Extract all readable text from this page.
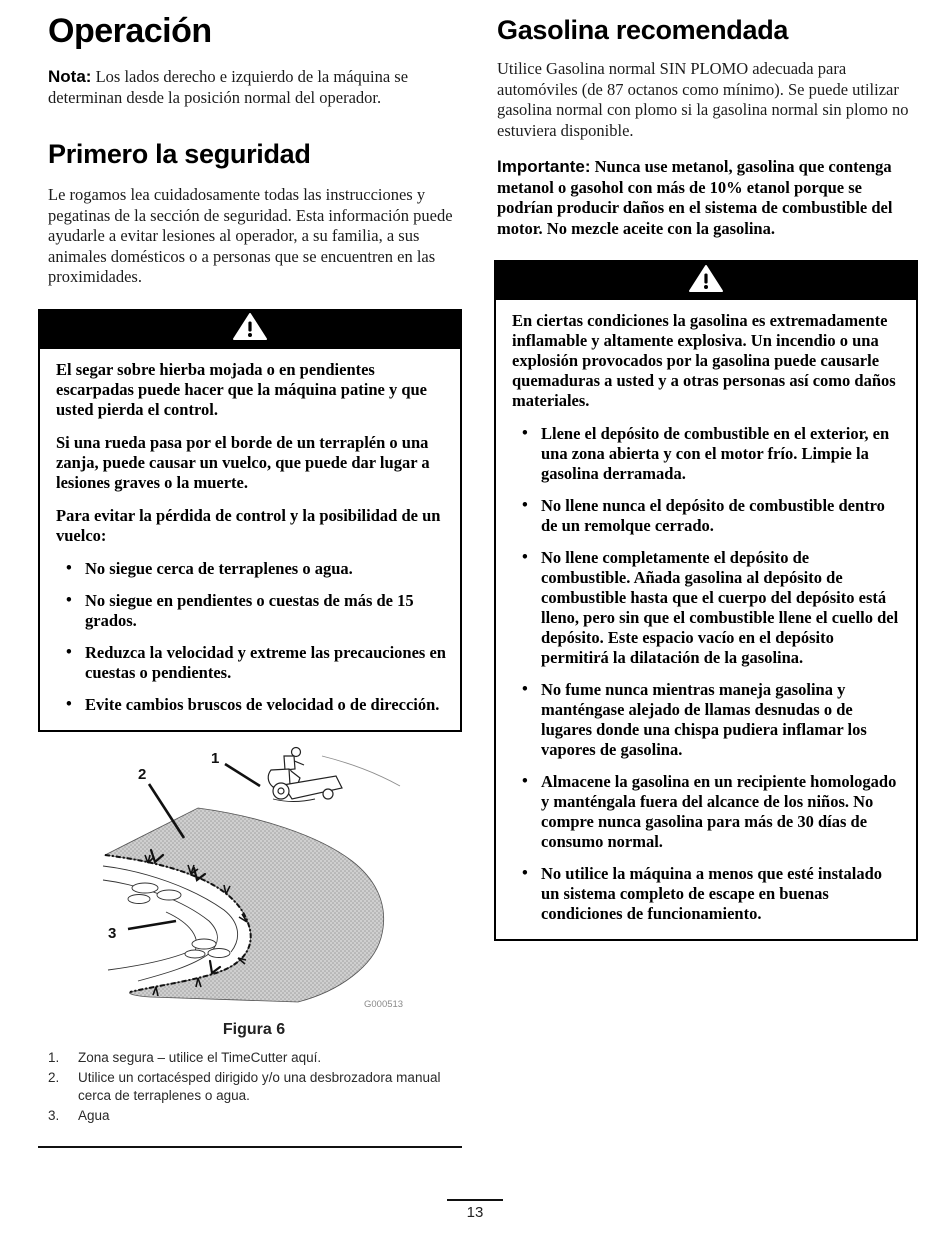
Operación

Nota: Los lados derecho e izquierdo de la máquina se determinan desde la posición normal del operador.

Primero la seguridad

Le rogamos lea cuidadosamente todas las instrucciones y pegatinas de la sección de seguridad. Esta información puede ayudarle a evitar lesiones al operador, a su familia, a sus animales domésticos o a personas que se encuentren en las proximidades.

El segar sobre hierba mojada o en pendientes escarpadas puede hacer que la máquina patine y que usted pierda el control.

Si una rueda pasa por el borde de un terraplén o una zanja, puede causar un vuelco, que puede dar lugar a lesiones graves o la muerte.

Para evitar la pérdida de control y la posibilidad de un vuelco:

• No siegue cerca de terraplenes o agua.
• No siegue en pendientes o cuestas de más de 15 grados.
• Reduzca la velocidad y extreme las precauciones en cuestas o pendientes.
• Evite cambios bruscos de velocidad o de dirección.
1
2
3
G000513
Figura 6
1. Zona segura – utilice el TimeCutter aquí.
2. Utilice un cortacésped dirigido y/o una desbrozadora manual cerca de terraplenes o agua.
3. Agua
Gasolina recomendada

Utilice Gasolina normal SIN PLOMO adecuada para automóviles (de 87 octanos como mínimo). Se puede utilizar gasolina normal con plomo si la gasolina normal sin plomo no estuviera disponible.

Importante: Nunca use metanol, gasolina que contenga metanol o gasohol con más de 10% etanol porque se podrían producir daños en el sistema de combustible del motor. No mezcle aceite con la gasolina.

En ciertas condiciones la gasolina es extremadamente inflamable y altamente explosiva. Un incendio o una explosión provocados por la gasolina puede causarle quemaduras a usted y a otras personas así como daños materiales.

• Llene el depósito de combustible en el exterior, en una zona abierta y con el motor frío. Limpie la gasolina derramada.
• No llene nunca el depósito de combustible dentro de un remolque cerrado.
• No llene completamente el depósito de combustible. Añada gasolina al depósito de combustible hasta que el cuerpo del depósito está lleno, pero sin que el combustible llene el cuello del depósito. Este espacio vacío en el depósito permitirá la dilatación de la gasolina.
• No fume nunca mientras maneja gasolina y manténgase alejado de llamas desnudas o de lugares donde una chispa pudiera inflamar los vapores de gasolina.
• Almacene la gasolina en un recipiente homologado y manténgala fuera del alcance de los niños. No compre nunca gasolina para más de 30 días de consumo normal.
• No utilice la máquina a menos que esté instalado un sistema completo de escape en buenas condiciones de funcionamiento.
13
